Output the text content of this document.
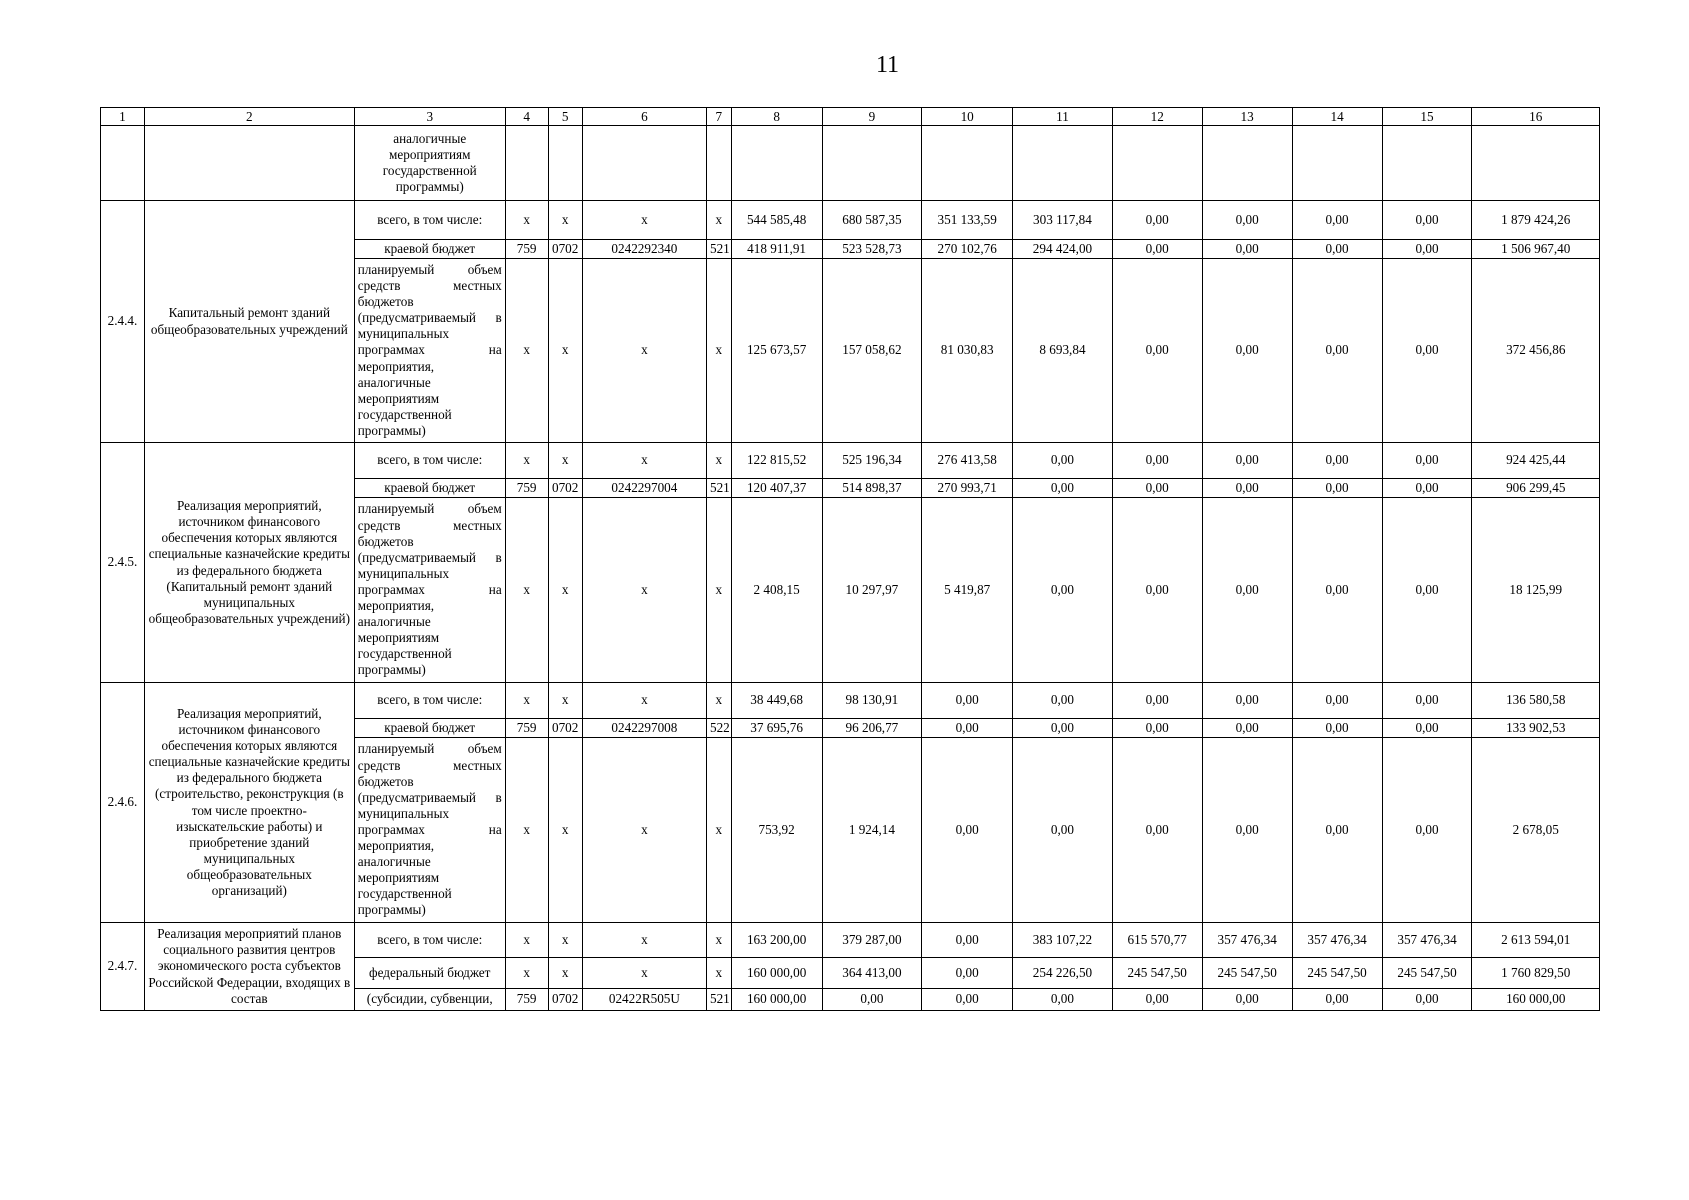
11
1	2	3	4	5	6	7	8	9	10	11	12	13	14	15	16
		аналогичные мероприятиям государственной программы)													
2.4.4.	Капитальный ремонт зданий общеобразовательных учреждений	всего, в том числе:	x	x	x	x	544 585,48	680 587,35	351 133,59	303 117,84	0,00	0,00	0,00	0,00	1 879 424,26
		краевой бюджет	759	0702	0242292340	521	418 911,91	523 528,73	270 102,76	294 424,00	0,00	0,00	0,00	0,00	1 506 967,40
		планируемый объем средств местных бюджетов (предусматриваемый в муниципальных программах на мероприятия, аналогичные мероприятиям государственной программы)	x	x	x	x	125 673,57	157 058,62	81 030,83	8 693,84	0,00	0,00	0,00	0,00	372 456,86
2.4.5.	Реализация мероприятий, источником финансового обеспечения которых являются специальные казначейские кредиты из федерального бюджета (Капитальный ремонт зданий муниципальных общеобразовательных учреждений)	всего, в том числе:	x	x	x	x	122 815,52	525 196,34	276 413,58	0,00	0,00	0,00	0,00	0,00	924 425,44
		краевой бюджет	759	0702	0242297004	521	120 407,37	514 898,37	270 993,71	0,00	0,00	0,00	0,00	0,00	906 299,45
		планируемый объем средств местных бюджетов (предусматриваемый в муниципальных программах на мероприятия, аналогичные мероприятиям государственной программы)	x	x	x	x	2 408,15	10 297,97	5 419,87	0,00	0,00	0,00	0,00	0,00	18 125,99
2.4.6.	Реализация мероприятий, источником финансового обеспечения которых являются специальные казначейские кредиты из федерального бюджета (строительство, реконструкция (в том числе проектно-изыскательские работы) и приобретение зданий муниципальных общеобразовательных организаций)	всего, в том числе:	x	x	x	x	38 449,68	98 130,91	0,00	0,00	0,00	0,00	0,00	0,00	136 580,58
		краевой бюджет	759	0702	0242297008	522	37 695,76	96 206,77	0,00	0,00	0,00	0,00	0,00	0,00	133 902,53
		планируемый объем средств местных бюджетов (предусматриваемый в муниципальных программах на мероприятия, аналогичные мероприятиям государственной программы)	x	x	x	x	753,92	1 924,14	0,00	0,00	0,00	0,00	0,00	0,00	2 678,05
2.4.7.	Реализация мероприятий планов социального развития центров экономического роста субъектов Российской Федерации, входящих в состав	всего, в том числе:	x	x	x	x	163 200,00	379 287,00	0,00	383 107,22	615 570,77	357 476,34	357 476,34	357 476,34	2 613 594,01
		федеральный бюджет	x	x	x	x	160 000,00	364 413,00	0,00	254 226,50	245 547,50	245 547,50	245 547,50	245 547,50	1 760 829,50
		(субсидии, субвенции,	759	0702	02422R505U	521	160 000,00	0,00	0,00	0,00	0,00	0,00	0,00	0,00	160 000,00
